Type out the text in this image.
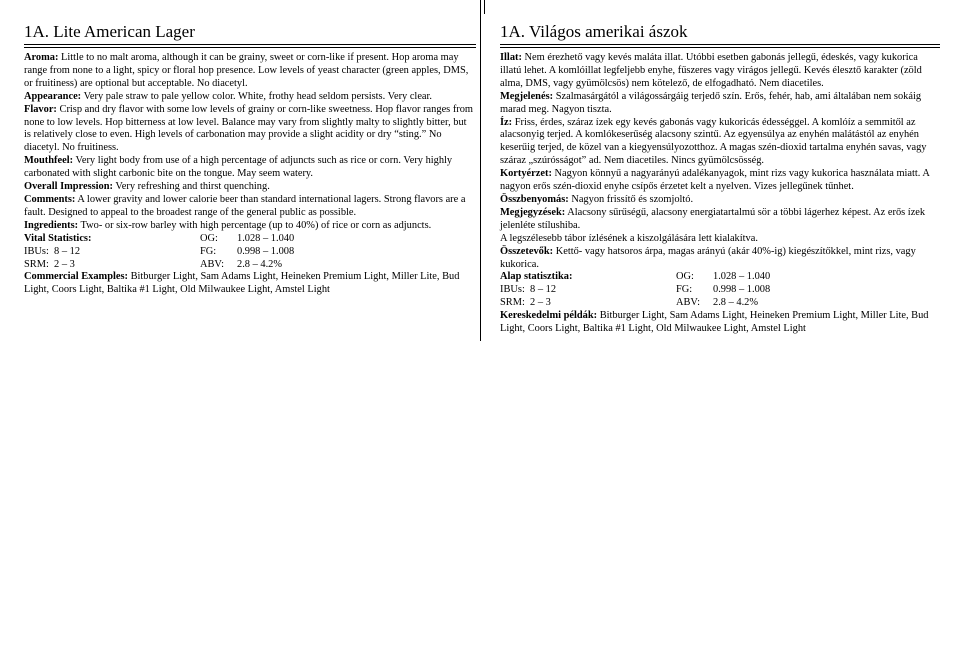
1A. Lite American Lager

Aroma: Little to no malt aroma, although it can be grainy, sweet or corn-like if present. Hop aroma may range from none to a light, spicy or floral hop presence. Low levels of yeast character (green apples, DMS, or fruitiness) are optional but acceptable. No diacetyl.

Appearance: Very pale straw to pale yellow color. White, frothy head seldom persists. Very clear.

Flavor: Crisp and dry flavor with some low levels of grainy or corn-like sweetness. Hop flavor ranges from none to low levels. Hop bitterness at low level. Balance may vary from slightly malty to slightly bitter, but is relatively close to even. High levels of carbonation may provide a slight acidity or dry “sting.” No diacetyl. No fruitiness.

Mouthfeel: Very light body from use of a high percentage of adjuncts such as rice or corn. Very highly carbonated with slight carbonic bite on the tongue. May seem watery.

Overall Impression: Very refreshing and thirst quenching.

Comments: A lower gravity and lower calorie beer than standard international lagers. Strong flavors are a fault. Designed to appeal to the broadest range of the general public as possible.

Ingredients: Two- or six-row barley with high percentage (up to 40%) of rice or corn as adjuncts.

Vital Statistics:	OG:	1.028 – 1.040
IBUs: 8 – 12	FG:	0.998 – 1.008
SRM: 2 – 3	ABV:	2.8 – 4.2%

Commercial Examples: Bitburger Light, Sam Adams Light, Heineken Premium Light, Miller Lite, Bud Light, Coors Light, Baltika #1 Light, Old Milwaukee Light, Amstel Light

1A. Világos amerikai ászok

Illat: Nem érezhető vagy kevés maláta illat. Utóbbi esetben gabonás jellegű, édeskés, vagy kukorica illatú lehet. A komlóillat legfeljebb enyhe, fűszeres vagy virágos jellegű. Kevés élesztő karakter (zöld alma, DMS, vagy gyümölcsös) nem kötelező, de elfogadható. Nem diacetiles.

Megjelenés: Szalmasárgától a világossárgáig terjedő szín. Erős, fehér, hab, ami általában nem sokáig marad meg. Nagyon tiszta.

Íz: Friss, érdes, száraz ízek egy kevés gabonás vagy kukoricás édességgel. A komlóíz a semmitől az alacsonyig terjed. A komlókeserűség alacsony szintű. Az egyensúlya az enyhén malátástól az enyhén keserűig terjed, de közel van a kiegyensúlyozotthoz. A magas szén-dioxid tartalma enyhén savas, vagy száraz „szúrósságot” ad. Nem diacetiles. Nincs gyümölcsösség.

Kortyérzet: Nagyon könnyű a nagyarányú adalékanyagok, mint rizs vagy kukorica használata miatt. A nagyon erős szén-dioxid enyhe csípős érzetet kelt a nyelven. Vizes jellegűnek tűnhet.

Összbenyomás: Nagyon frissítő és szomjoltó.

Megjegyzések: Alacsony sűrűségű, alacsony energiatartalmú sör a többi lágerhez képest. Az erős ízek jelenléte stílushiba.

A legszélesebb tábor ízlésének a kiszolgálására lett kialakítva.

Összetevők: Kettő- vagy hatsoros árpa, magas arányú (akár 40%-ig) kiegészítőkkel, mint rizs, vagy kukorica.

Alap statisztika:	OG:	1.028 – 1.040
IBUs: 8 – 12	FG:	0.998 – 1.008
SRM: 2 – 3	ABV:	2.8 – 4.2%

Kereskedelmi példák: Bitburger Light, Sam Adams Light, Heineken Premium Light, Miller Lite, Bud Light, Coors Light, Baltika #1 Light, Old Milwaukee Light, Amstel Light
